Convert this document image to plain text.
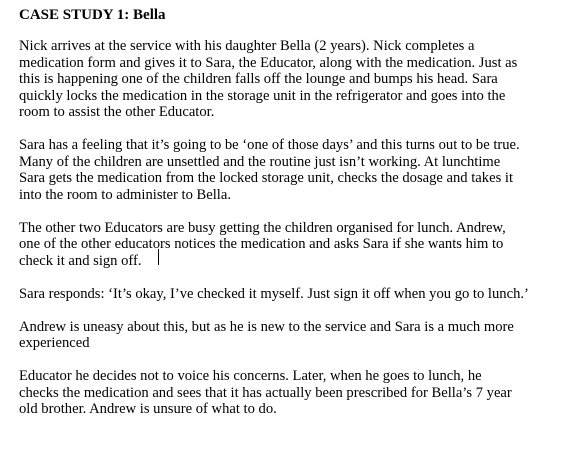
CASE STUDY 1: Bella
Nick arrives at the service with his daughter Bella (2 years). Nick completes a
medication form and gives it to Sara, the Educator, along with the medication. Just as
this is happening one of the children falls off the lounge and bumps his head. Sara
quickly locks the medication in the storage unit in the refrigerator and goes into the
room to assist the other Educator.
Sara has a feeling that it’s going to be ‘one of those days’ and this turns out to be true.
Many of the children are unsettled and the routine just isn’t working. At lunchtime
Sara gets the medication from the locked storage unit, checks the dosage and takes it
into the room to administer to Bella.
The other two Educators are busy getting the children organised for lunch. Andrew,
one of the other educators notices the medication and asks Sara if she wants him to
check it and sign off.
Sara responds: ‘It’s okay, I’ve checked it myself. Just sign it off when you go to lunch.’
Andrew is uneasy about this, but as he is new to the service and Sara is a much more
experienced
Educator he decides not to voice his concerns. Later, when he goes to lunch, he
checks the medication and sees that it has actually been prescribed for Bella’s 7 year
old brother. Andrew is unsure of what to do.
